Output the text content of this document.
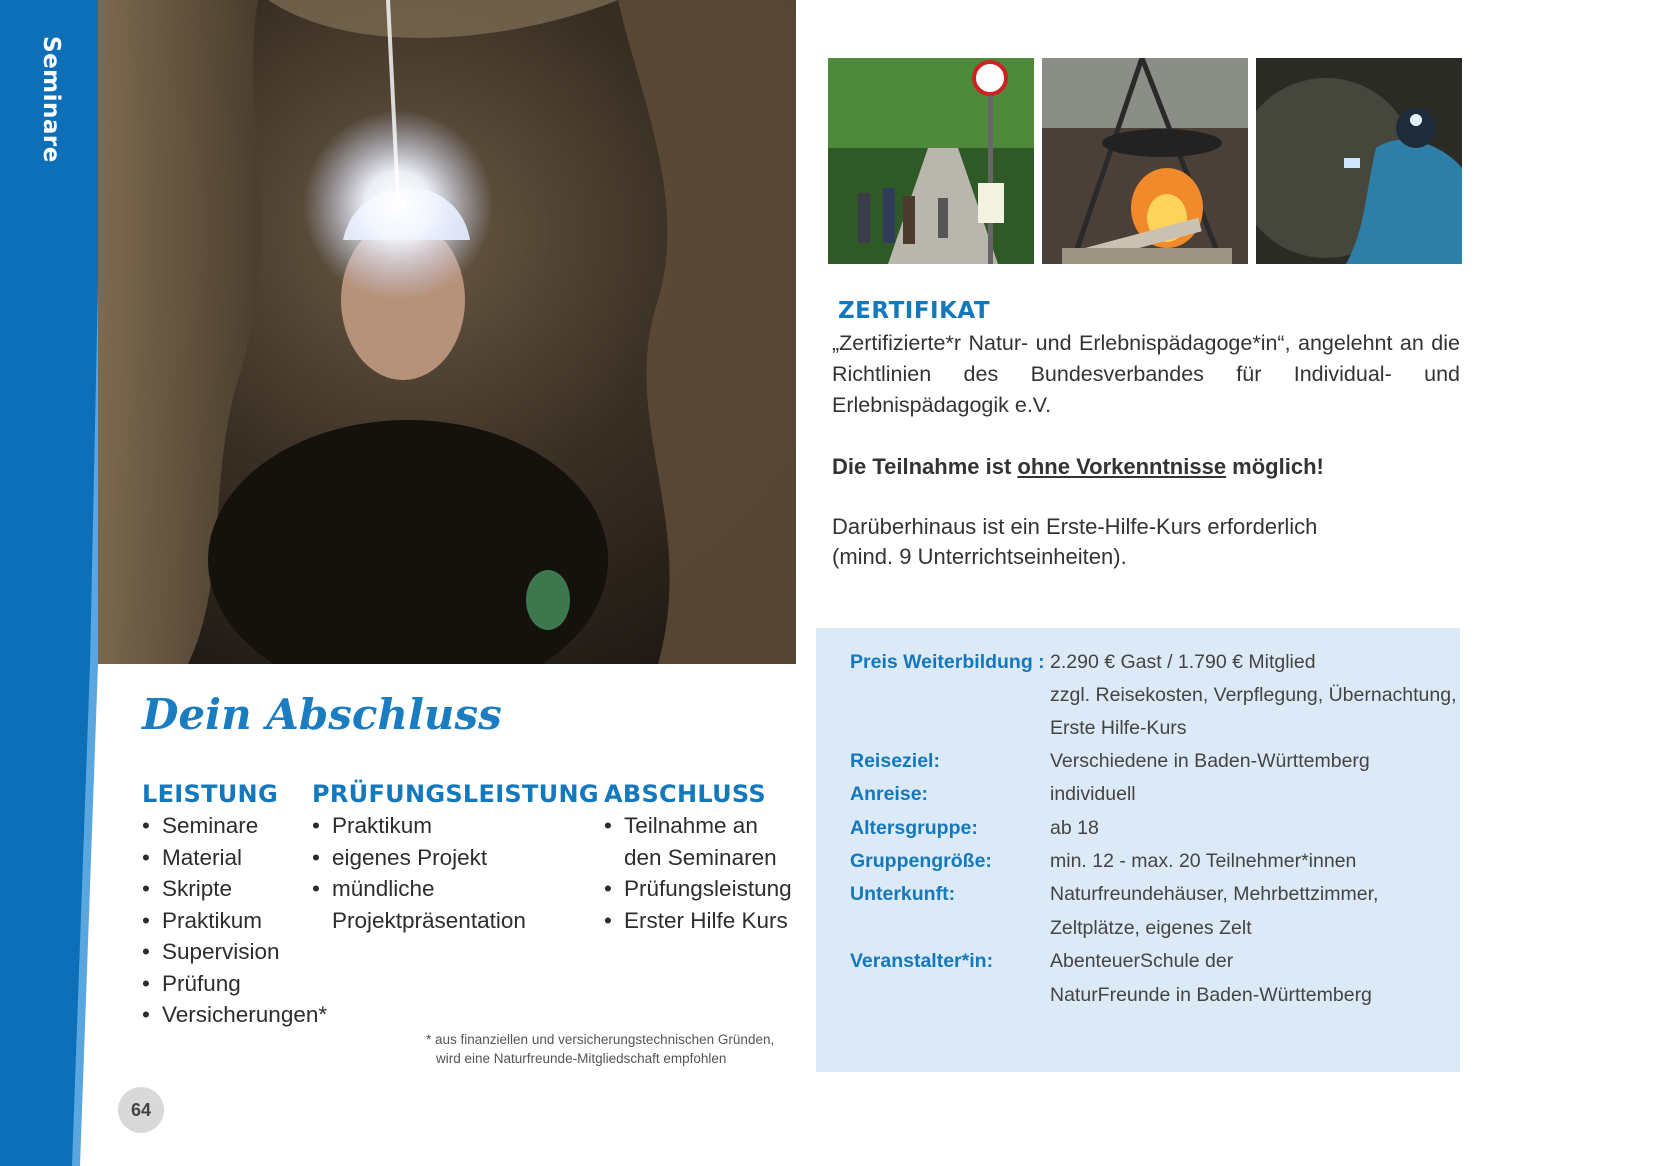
Seminare
ZERTIFIKAT

„Zertifizierte*r Natur- und Erlebnispädagoge*in“, angelehnt an die Richtlinien des Bundesverbandes für Individual- und Erlebnispädagogik e.V.

Die Teilnahme ist ohne Vorkenntnisse möglich!
Darüberhinaus ist ein Erste-Hilfe-Kurs erforderlich
(mind. 9 Unterrichtseinheiten).
Preis Weiterbildung : 2.290 € Gast / 1.790 € Mitglied
zzgl. Reisekosten, Verpflegung, Übernachtung,
Erste Hilfe-Kurs
Reiseziel:	Verschiedene in Baden-Württemberg
Anreise:	individuell
Altersgruppe:	ab 18
Gruppengröße:	min. 12 - max. 20 Teilnehmer*innen
Unterkunft:	Naturfreundehäuser, Mehrbettzimmer,
Zeltplätze, eigenes Zelt
Veranstalter*in:	AbenteuerSchule der
NaturFreunde in Baden-Württemberg
Dein Abschluss
LEISTUNG
• Seminare
• Material
• Skripte
• Praktikum
• Supervision
• Prüfung
• Versicherungen*
PRÜFUNGSLEISTUNG
• Praktikum
• eigenes Projekt
• mündliche
Projektpräsentation
ABSCHLUSS
• Teilnahme an
den Seminaren
• Prüfungsleistung
• Erster Hilfe Kurs
* aus finanziellen und versicherungstechnischen Gründen,
wird eine Naturfreunde-Mitgliedschaft empfohlen
64
